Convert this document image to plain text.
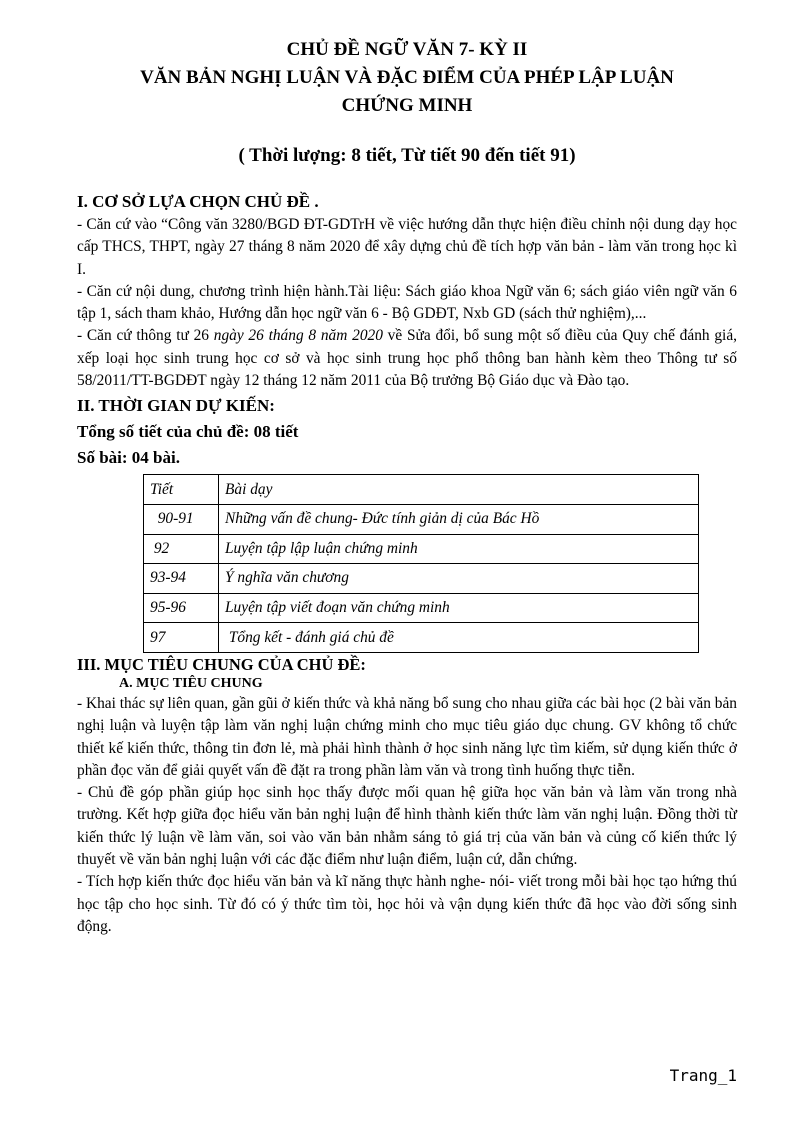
CHỦ ĐỀ NGỮ VĂN 7- KỲ II
VĂN BẢN NGHỊ LUẬN VÀ ĐẶC ĐIỂM CỦA PHÉP LẬP LUẬN
CHỨNG MINH
( Thời lượng: 8 tiết, Từ tiết 90 đến tiết 91)
I. CƠ SỞ LỰA CHỌN CHỦ ĐỀ .

- Căn cứ vào “Công văn 3280/BGD ĐT-GDTrH về việc hướng dẫn thực hiện điều chỉnh nội dung dạy học cấp THCS, THPT, ngày 27 tháng 8 năm 2020 để xây dựng chủ đề tích hợp văn bản - làm văn trong học kì I.

- Căn cứ nội dung, chương trình hiện hành.Tài liệu: Sách giáo khoa Ngữ văn 6; sách giáo viên ngữ văn 6 tập 1, sách tham khảo, Hướng dẫn học ngữ văn 6 - Bộ GDĐT, Nxb GD (sách thử nghiệm),...

- Căn cứ thông tư 26 ngày 26 tháng 8 năm 2020 về Sửa đổi, bổ sung một số điều của Quy chế đánh giá, xếp loại học sinh trung học cơ sở và học sinh trung học phổ thông ban hành kèm theo Thông tư số 58/2011/TT-BGDĐT ngày 12 tháng 12 năm 2011 của Bộ trưởng Bộ Giáo dục và Đào tạo.

II. THỜI GIAN DỰ KIẾN:
Tổng số tiết của chủ đề: 08 tiết
Số bài: 04 bài.
Tiết	Bài dạy
90-91	Những vấn đề chung- Đức tính giản dị của Bác Hồ
92	Luyện tập lập luận chứng minh
93-94	Ý nghĩa văn chương
95-96	Luyện tập viết đoạn văn chứng minh
97	Tổng kết - đánh giá chủ đề
III. MỤC TIÊU CHUNG CỦA CHỦ ĐỀ:
A. MỤC TIÊU CHUNG

- Khai thác sự liên quan, gần gũi ở kiến thức và khả năng bổ sung cho nhau giữa các bài học (2 bài văn bản nghị luận và luyện tập làm văn nghị luận chứng minh cho mục tiêu giáo dục chung. GV không tổ chức thiết kế kiến thức, thông tin đơn lẻ, mà phải hình thành ở học sinh năng lực tìm kiếm, sử dụng kiến thức ở phần đọc văn để giải quyết vấn đề đặt ra trong phần làm văn và trong tình huống thực tiễn.

- Chủ đề góp phần giúp học sinh học thấy được mối quan hệ giữa học văn bản và làm văn trong nhà trường. Kết hợp giữa đọc hiểu văn bản nghị luận để hình thành kiến thức làm văn nghị luận. Đồng thời từ kiến thức lý luận về làm văn, soi vào văn bản nhằm sáng tỏ giá trị của văn bản và củng cố kiến thức lý thuyết về văn bản nghị luận với các đặc điểm như luận điểm, luận cứ, dẫn chứng.

- Tích hợp kiến thức đọc hiểu văn bản và kĩ năng thực hành nghe- nói- viết trong mỗi bài học tạo hứng thú học tập cho học sinh. Từ đó có ý thức tìm tòi, học hỏi và vận dụng kiến thức đã học vào đời sống sinh động.

Trang_1
